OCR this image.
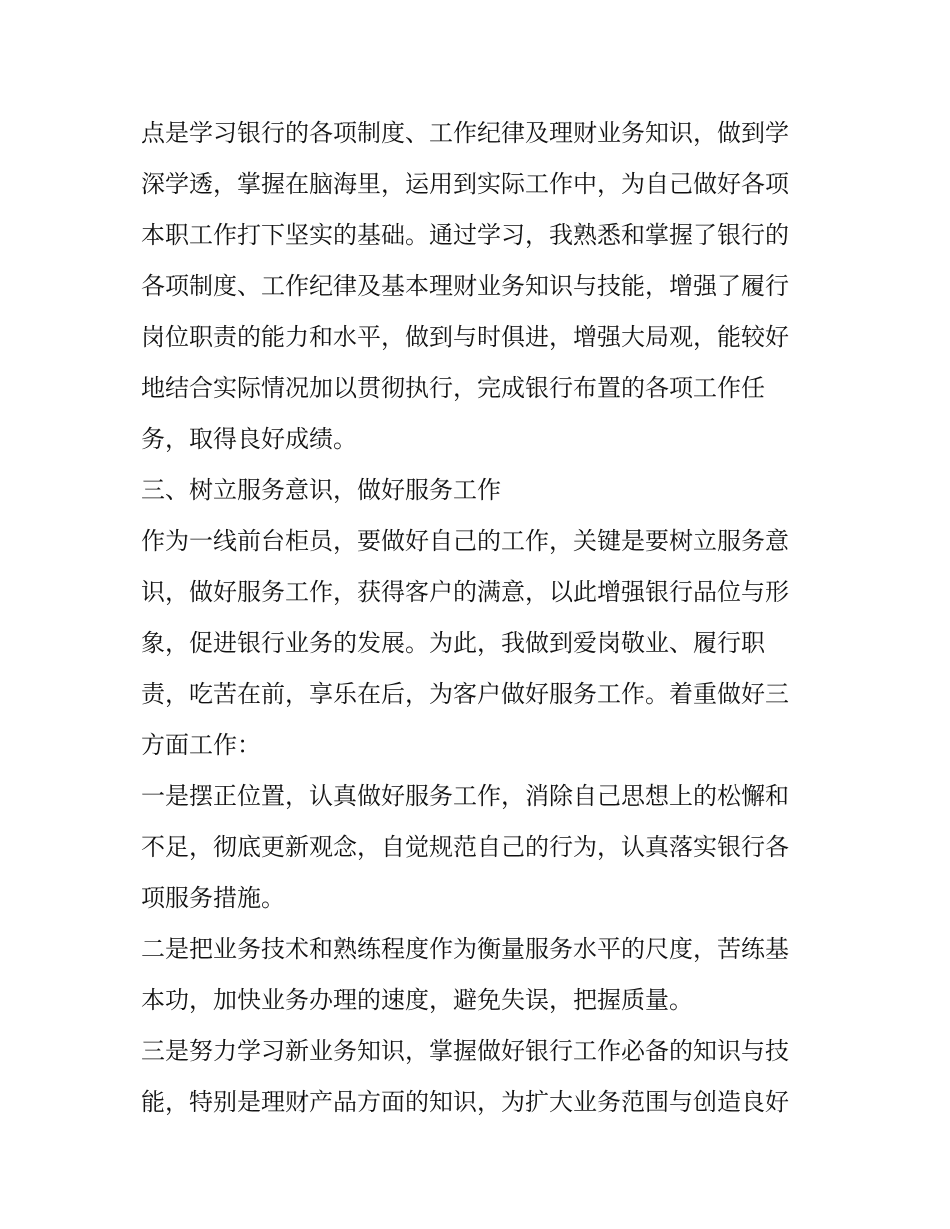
点是学习银行的各项制度、工作纪律及理财业务知识，做到学
深学透，掌握在脑海里，运用到实际工作中，为自己做好各项
本职工作打下坚实的基础。通过学习，我熟悉和掌握了银行的
各项制度、工作纪律及基本理财业务知识与技能，增强了履行
岗位职责的能力和水平，做到与时俱进，增强大局观，能较好
地结合实际情况加以贯彻执行，完成银行布置的各项工作任
务，取得良好成绩。
三、树立服务意识，做好服务工作
作为一线前台柜员，要做好自己的工作，关键是要树立服务意
识，做好服务工作，获得客户的满意，以此增强银行品位与形
象，促进银行业务的发展。为此，我做到爱岗敬业、履行职
责，吃苦在前，享乐在后，为客户做好服务工作。着重做好三
方面工作：
一是摆正位置，认真做好服务工作，消除自己思想上的松懈和
不足，彻底更新观念，自觉规范自己的行为，认真落实银行各
项服务措施。
二是把业务技术和熟练程度作为衡量服务水平的尺度，苦练基
本功，加快业务办理的速度，避免失误，把握质量。
三是努力学习新业务知识，掌握做好银行工作必备的知识与技
能，特别是理财产品方面的知识，为扩大业务范围与创造良好
